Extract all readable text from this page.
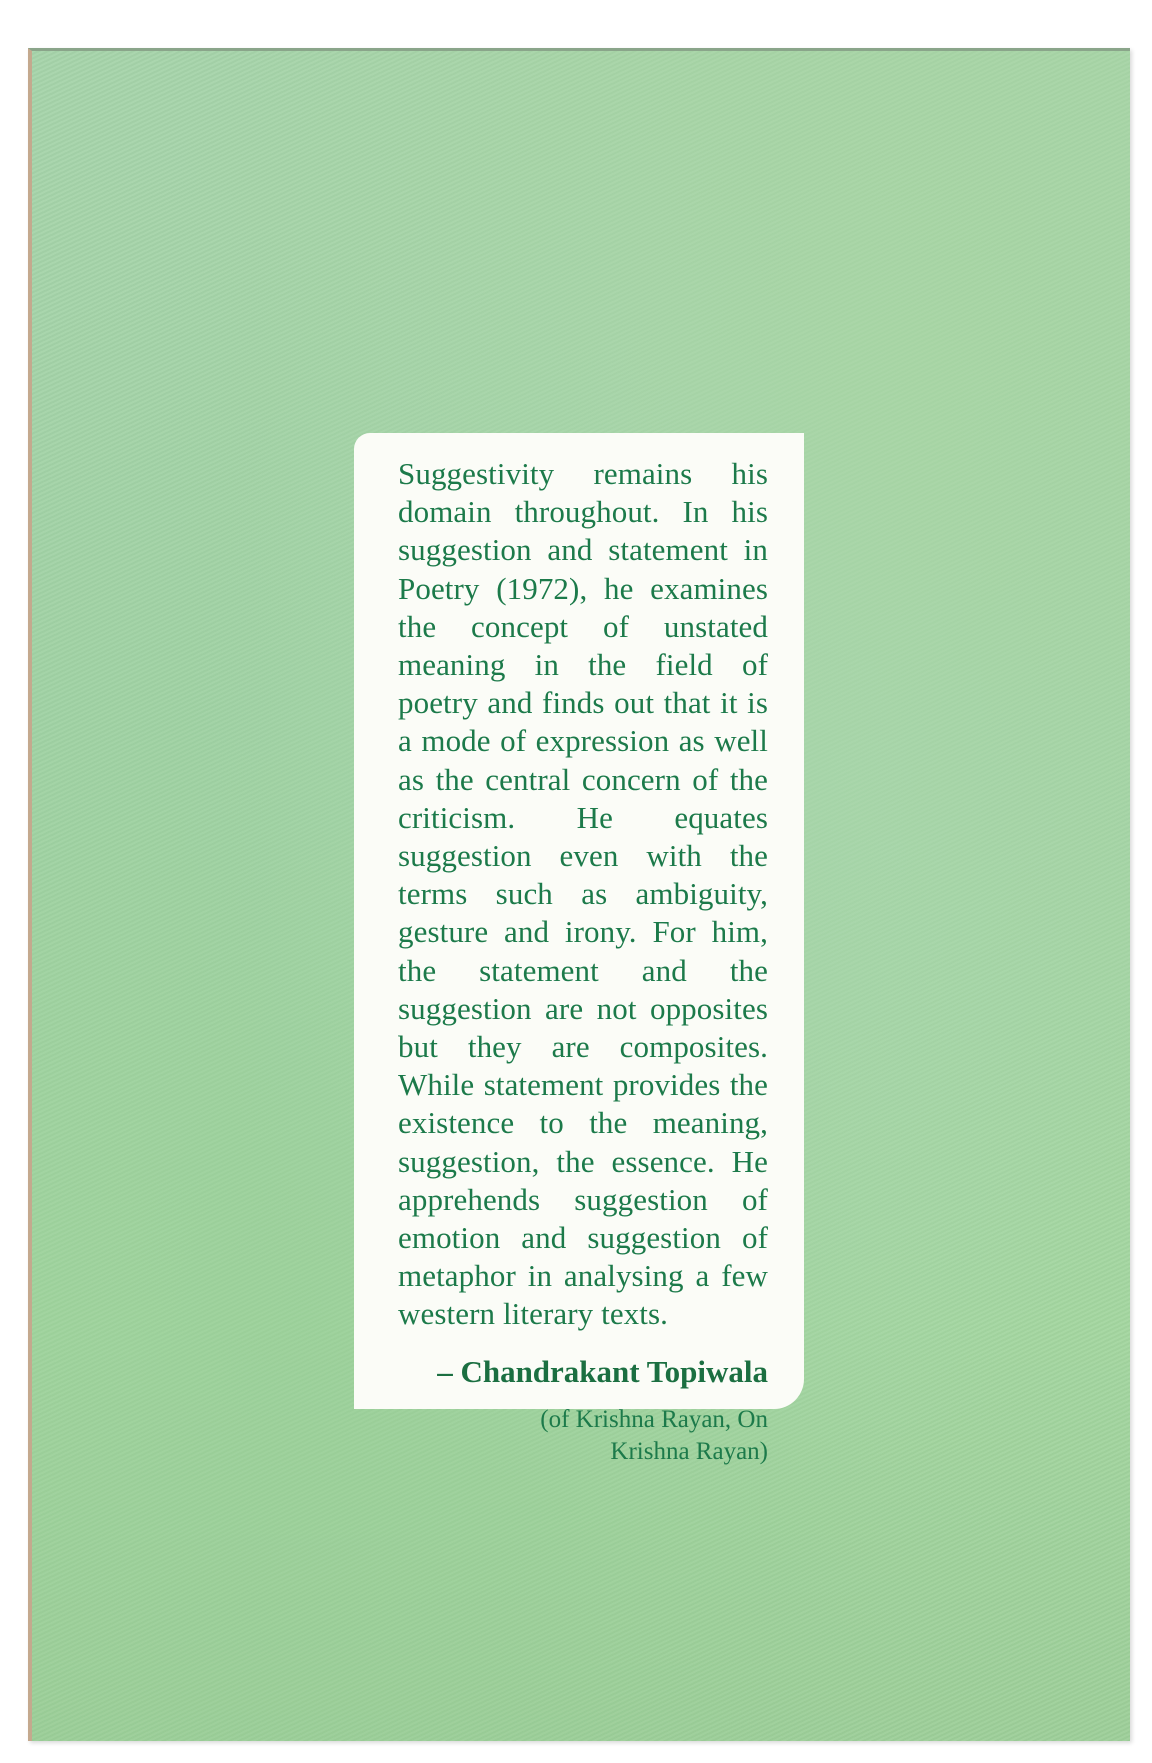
Suggestivity remains his domain throughout. In his suggestion and statement in Poetry (1972), he examines the concept of unstated meaning in the field of poetry and finds out that it is a mode of expression as well as the central concern of the criticism. He equates suggestion even with the terms such as ambiguity, gesture and irony. For him, the statement and the suggestion are not opposites but they are composites. While statement provides the existence to the meaning, suggestion, the essence. He apprehends suggestion of emotion and suggestion of metaphor in analysing a few western literary texts.

– Chandrakant Topiwala

(of Krishna Rayan, On Krishna Rayan)
